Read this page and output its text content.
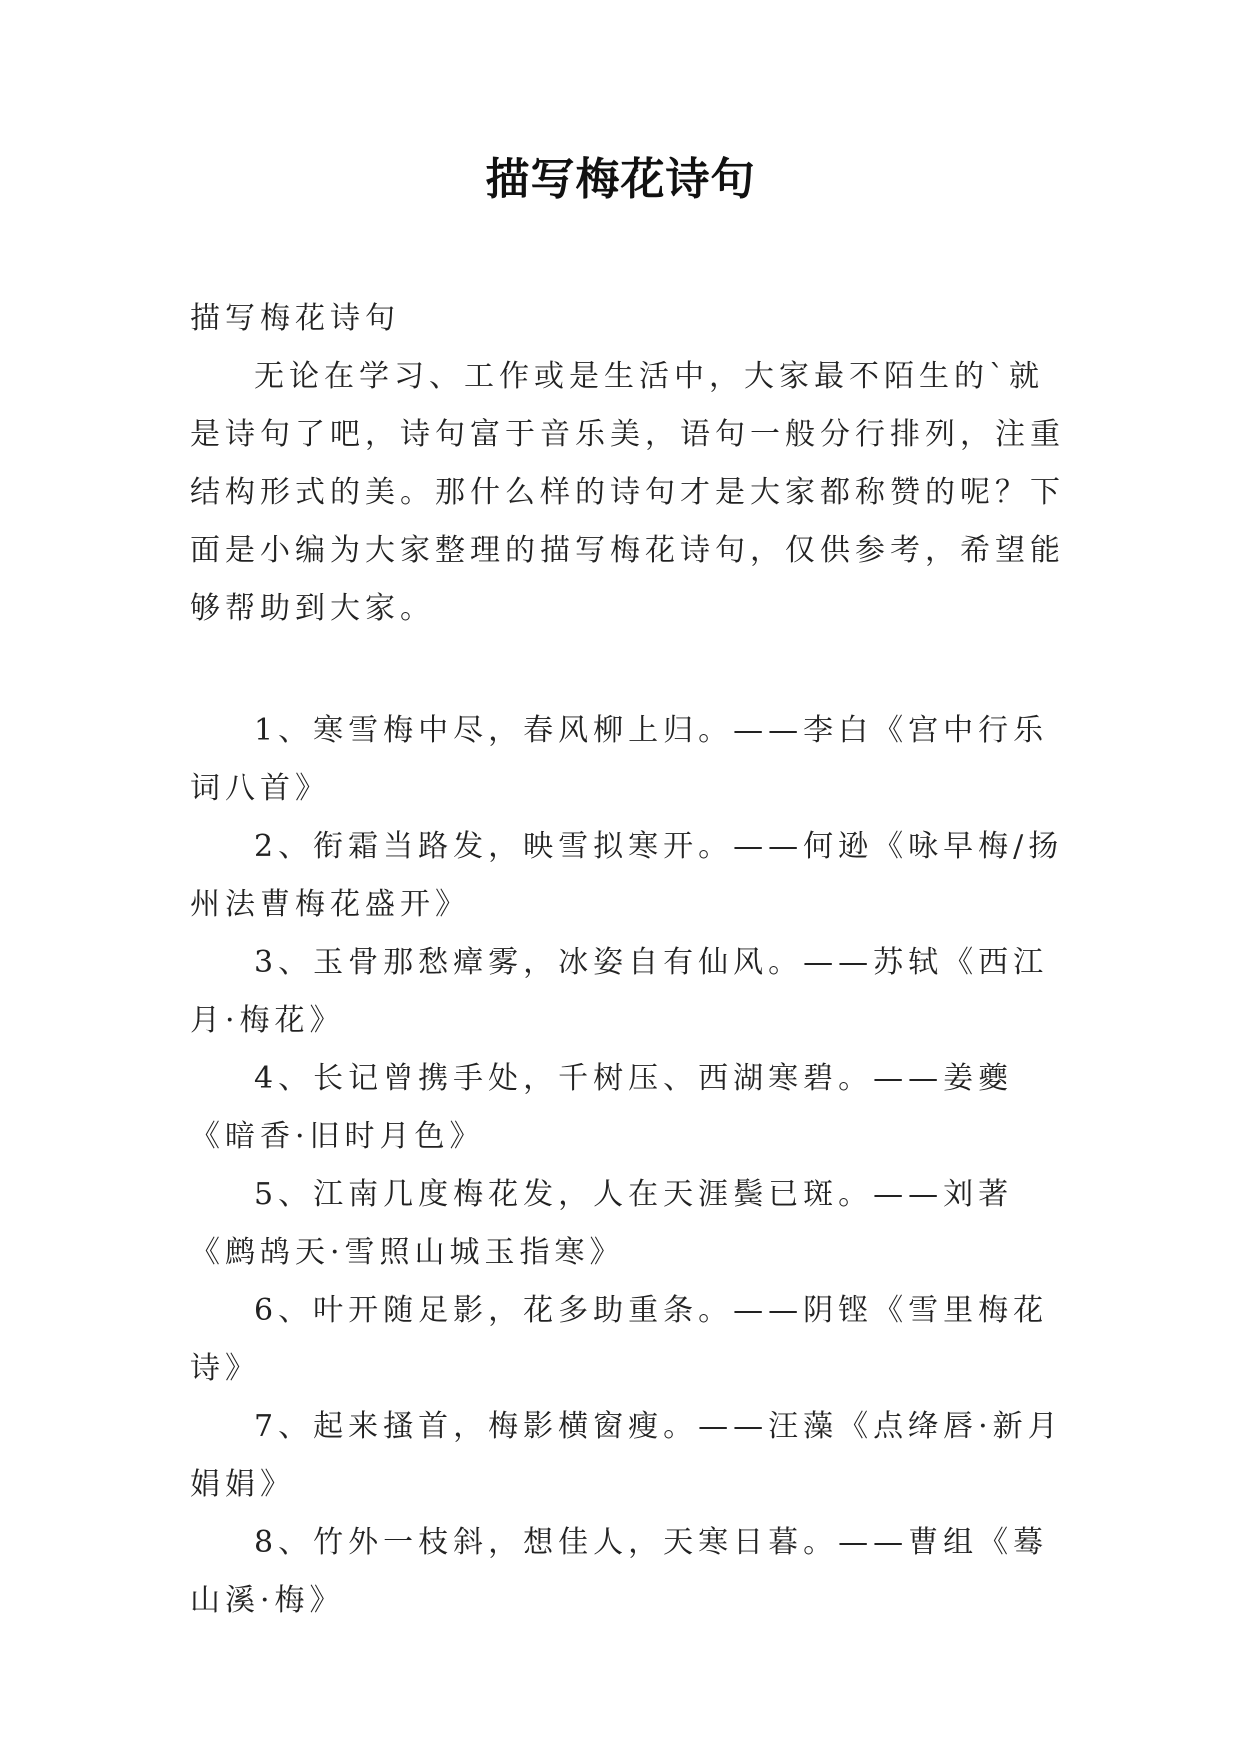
描写梅花诗句

描写梅花诗句

无论在学习、工作或是生活中，大家最不陌生的`就是诗句了吧，诗句富于音乐美，语句一般分行排列，注重结构形式的美。那什么样的诗句才是大家都称赞的呢？下面是小编为大家整理的描写梅花诗句，仅供参考，希望能够帮助到大家。

1、寒雪梅中尽，春风柳上归。——李白《宫中行乐词八首》

2、衔霜当路发，映雪拟寒开。——何逊《咏早梅/扬州法曹梅花盛开》

3、玉骨那愁瘴雾，冰姿自有仙风。——苏轼《西江月·梅花》

4、长记曾携手处，千树压、西湖寒碧。——姜夔《暗香·旧时月色》

5、江南几度梅花发，人在天涯鬓已斑。——刘著《鹧鸪天·雪照山城玉指寒》

6、叶开随足影，花多助重条。——阴铿《雪里梅花诗》

7、起来搔首，梅影横窗瘦。——汪藻《点绛唇·新月娟娟》

8、竹外一枝斜，想佳人，天寒日暮。——曹组《蓦山溪·梅》
